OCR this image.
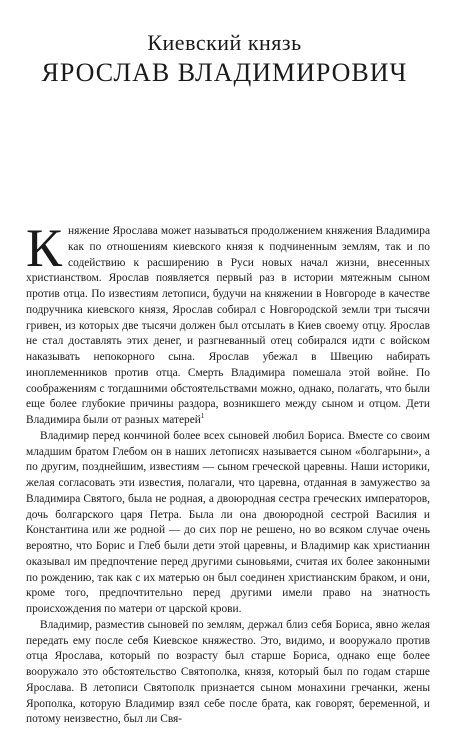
Киевский князь
ЯРОСЛАВ ВЛАДИМИРОВИЧ

Княжение Ярослава может называться продолжением княжения Владимира как по отношениям киевского князя к подчиненным землям, так и по содействию к расширению в Руси новых начал жизни, внесенных христианством. Ярослав появляется первый раз в истории мятежным сыном против отца. По известиям летописи, будучи на княжении в Новгороде в качестве подручника киевского князя, Ярослав собирал с Новгородской земли три тысячи гривен, из которых две тысячи должен был отсылать в Киев своему отцу. Ярослав не стал доставлять этих денег, и разгневанный отец собирался идти с войском наказывать непокорного сына. Ярослав убежал в Швецию набирать иноплеменников против отца. Смерть Владимира помешала этой войне. По соображениям с тогдашними обстоятельствами можно, однако, полагать, что были еще более глубокие причины раздора, возникшего между сыном и отцом. Дети Владимира были от разных матерей$^1$

Владимир перед кончиной более всех сыновей любил Бориса. Вместе со своим младшим братом Глебом он в наших летописях называется сыном «болгарыни», а по другим, позднейшим, известиям — сыном греческой царевны. Наши историки, желая согласовать эти известия, полагали, что царевна, отданная в замужество за Владимира Святого, была не родная, а двоюродная сестра греческих императоров, дочь болгарского царя Петра. Была ли она двоюродной сестрой Василия и Константина или же родной — до сих пор не решено, но во всяком случае очень вероятно, что Борис и Глеб были дети этой царевны, и Владимир как христианин оказывал им предпочтение перед другими сыновьями, считая их более законными по рождению, так как с их матерью он был соединен христианским браком, и они, кроме того, предпочтительно перед другими имели право на знатность происхождения по матери от царской крови.

Владимир, разместив сыновей по землям, держал близ себя Бориса, явно желая передать ему после себя Киевское княжество. Это, видимо, и вооружало против отца Ярослава, который по возрасту был старше Бориса, однако еще более вооружало это обстоятельство Святополка, князя, который был по годам старше Ярослава. В летописи Святополк признается сыном монахини гречанки, жены Ярополка, которую Владимир взял себе после брата, как говорят, беременной, и потому неизвестно, был ли Свя-
